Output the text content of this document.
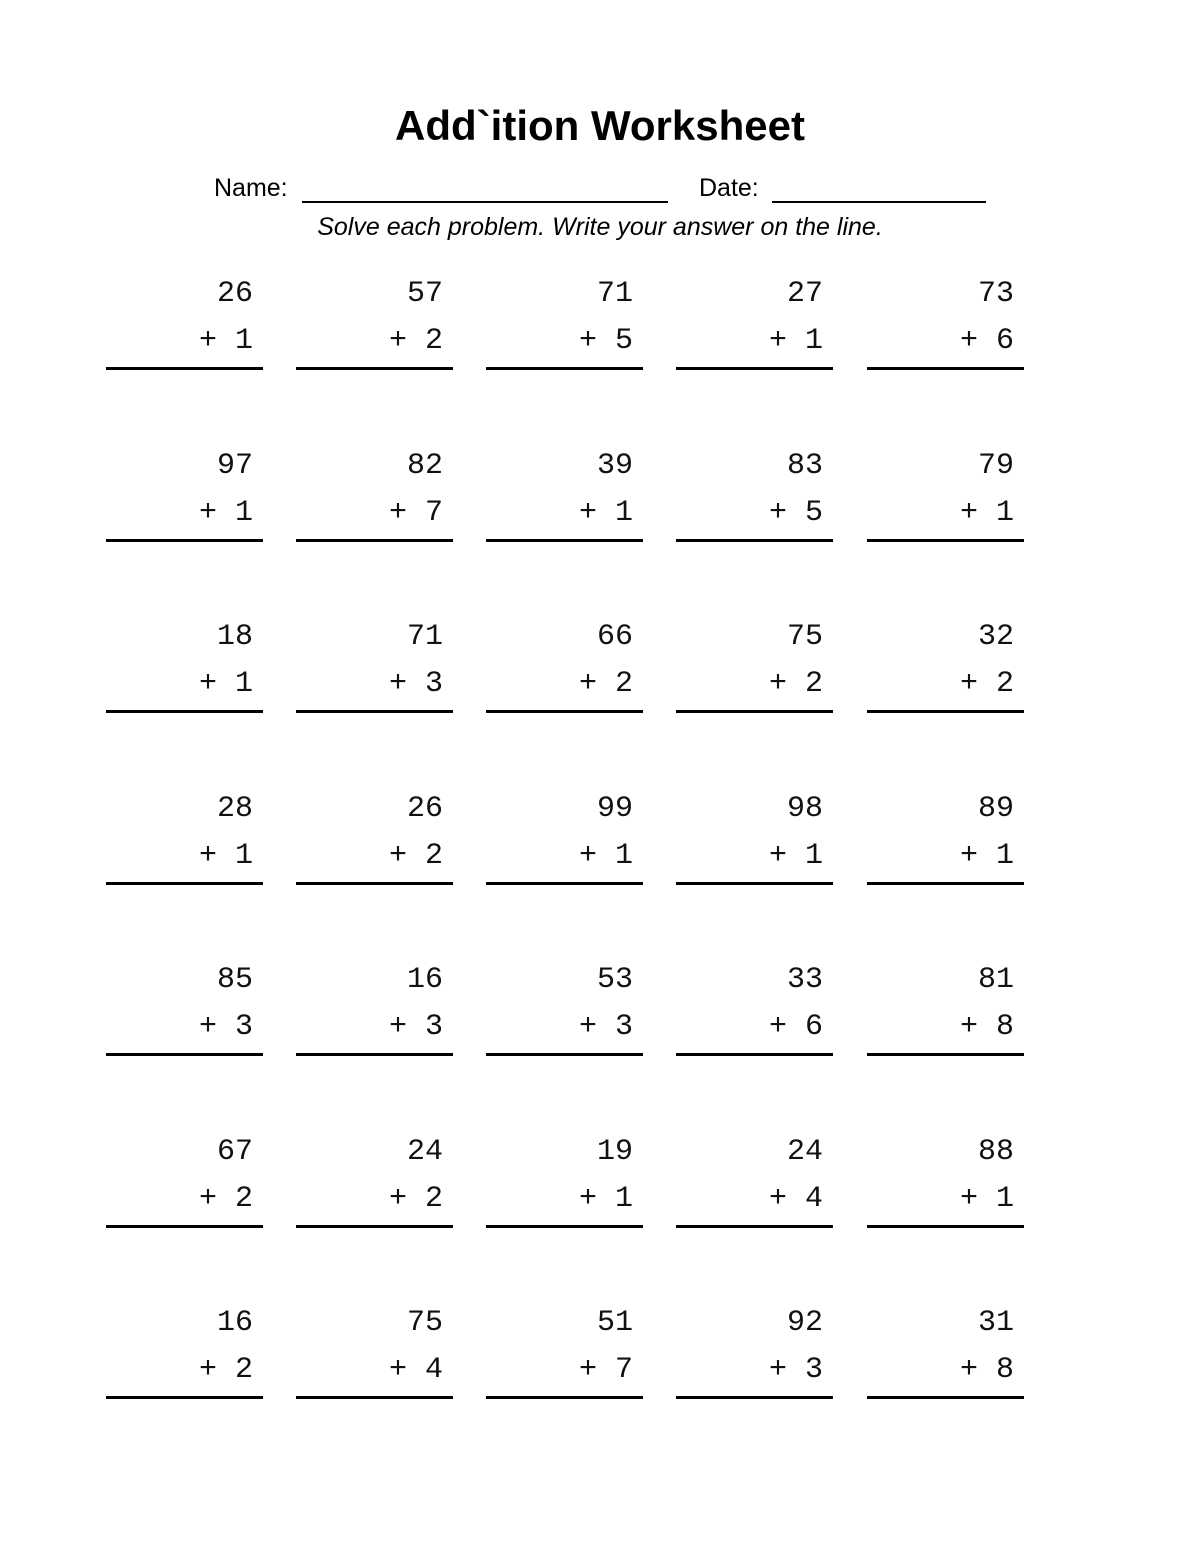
Add`ition Worksheet
Name:	Date:
Solve each problem. Write your answer on the line.
26
+ 1
57
+ 2
71
+ 5
27
+ 1
73
+ 6
97
+ 1
82
+ 7
39
+ 1
83
+ 5
79
+ 1
18
+ 1
71
+ 3
66
+ 2
75
+ 2
32
+ 2
28
+ 1
26
+ 2
99
+ 1
98
+ 1
89
+ 1
85
+ 3
16
+ 3
53
+ 3
33
+ 6
81
+ 8
67
+ 2
24
+ 2
19
+ 1
24
+ 4
88
+ 1
16
+ 2
75
+ 4
51
+ 7
92
+ 3
31
+ 8
